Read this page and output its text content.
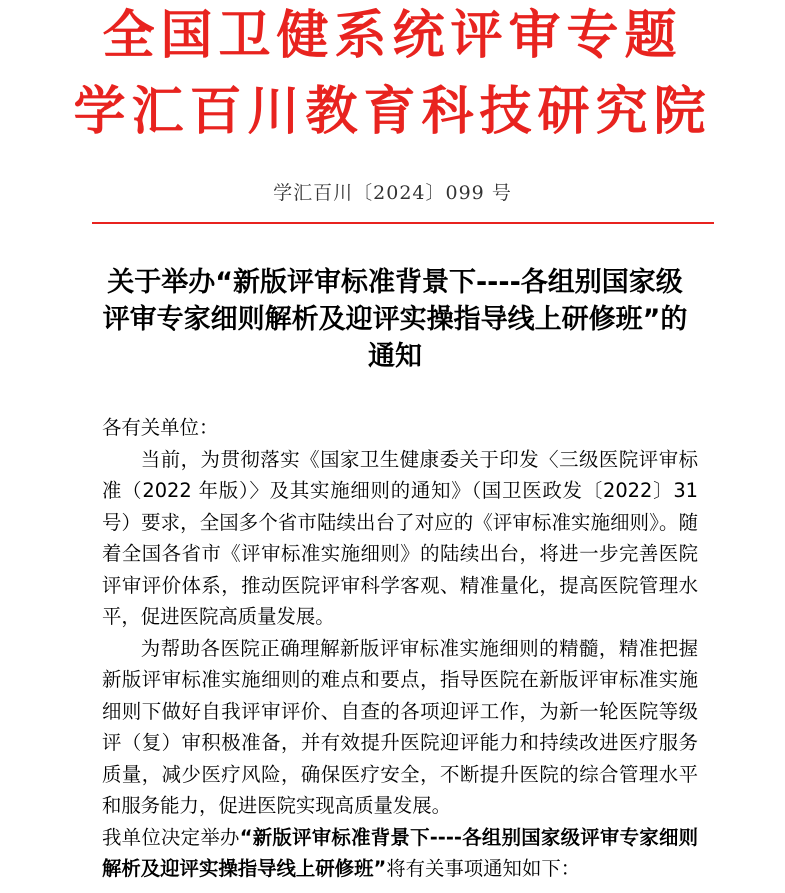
全国卫健系统评审专题
学汇百川教育科技研究院
学汇百川〔2024〕099 号
关于举办“新版评审标准背景下----各组别国家级评审专家细则解析及迎评实操指导线上研修班”的通知

各有关单位：

当前，为贯彻落实《国家卫生健康委关于印发〈三级医院评审标准（2022 年版）〉及其实施细则的通知》（国卫医政发〔2022〕31 号）要求，全国多个省市陆续出台了对应的《评审标准实施细则》。随着全国各省市《评审标准实施细则》的陆续出台，将进一步完善医院评审评价体系，推动医院评审科学客观、精准量化，提高医院管理水平，促进医院高质量发展。

为帮助各医院正确理解新版评审标准实施细则的精髓，精准把握新版评审标准实施细则的难点和要点，指导医院在新版评审标准实施细则下做好自我评审评价、自查的各项迎评工作，为新一轮医院等级评（复）审积极准备，并有效提升医院迎评能力和持续改进医疗服务质量，减少医疗风险，确保医疗安全，不断提升医院的综合管理水平和服务能力，促进医院实现高质量发展。

我单位决定举办“新版评审标准背景下----各组别国家级评审专家细则解析及迎评实操指导线上研修班”将有关事项通知如下：
